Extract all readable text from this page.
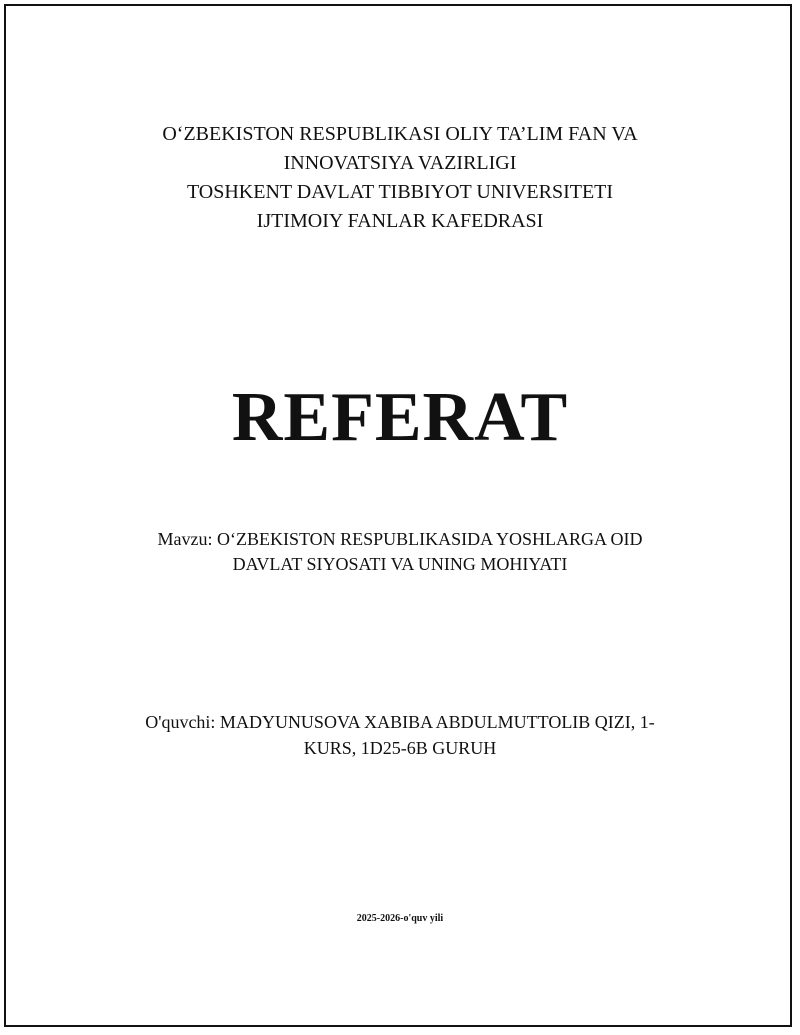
O‘ZBEKISTON RESPUBLIKASI OLIY TA’LIM FAN VA
INNOVATSIYA VAZIRLIGI
TOSHKENT DAVLAT TIBBIYOT UNIVERSITETI
IJTIMOIY FANLAR KAFEDRASI
REFERAT
Mavzu: O‘ZBEKISTON RESPUBLIKASIDA YOSHLARGA OID
DAVLAT SIYOSATI VA UNING MOHIYATI
O'quvchi: MADYUNUSOVA XABIBA ABDULMUTTOLIB QIZI, 1-
KURS, 1D25-6B GURUH
2025-2026-o'quv yili
